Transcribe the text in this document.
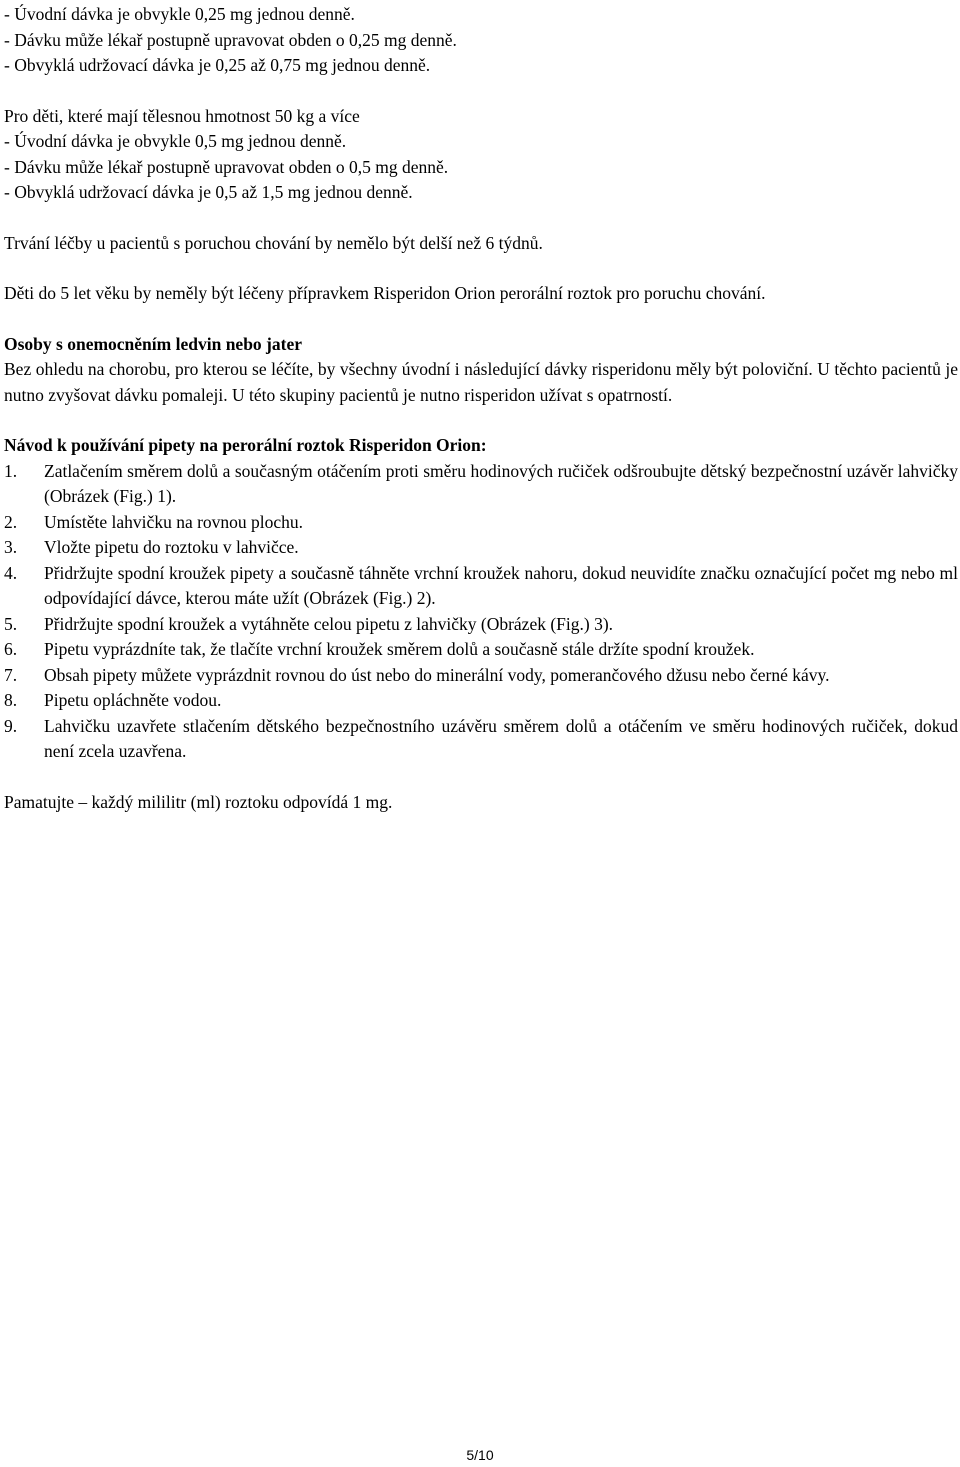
- Úvodní dávka je obvykle 0,25 mg jednou denně.

- Dávku může lékař postupně upravovat obden o 0,25 mg denně.

- Obvyklá udržovací dávka je 0,25 až 0,75 mg jednou denně.

Pro děti, které mají tělesnou hmotnost 50 kg a více

- Úvodní dávka je obvykle 0,5 mg jednou denně.

- Dávku může lékař postupně upravovat obden o 0,5 mg denně.

- Obvyklá udržovací dávka je 0,5 až 1,5 mg jednou denně.

Trvání léčby u pacientů s poruchou chování by nemělo být delší než 6 týdnů.

Děti do 5 let věku by neměly být léčeny přípravkem Risperidon Orion perorální roztok pro poruchu chování.

Osoby s onemocněním ledvin nebo jater

Bez ohledu na chorobu, pro kterou se léčíte, by všechny úvodní i následující dávky risperidonu měly být poloviční. U těchto pacientů je nutno zvyšovat dávku pomaleji. U této skupiny pacientů je nutno risperidon užívat s opatrností.

Návod k používání pipety na perorální roztok Risperidon Orion:

1.	Zatlačením směrem dolů a současným otáčením proti směru hodinových ručiček odšroubujte dětský bezpečnostní uzávěr lahvičky (Obrázek (Fig.) 1).
2.	Umístěte lahvičku na rovnou plochu.
3.	Vložte pipetu do roztoku v lahvičce.
4.	Přidržujte spodní kroužek pipety a současně táhněte vrchní kroužek nahoru, dokud neuvidíte značku označující počet mg nebo ml odpovídající dávce, kterou máte užít (Obrázek (Fig.) 2).
5.	Přidržujte spodní kroužek a vytáhněte celou pipetu z lahvičky (Obrázek (Fig.) 3).
6.	Pipetu vyprázdníte tak, že tlačíte vrchní kroužek směrem dolů a současně stále držíte spodní kroužek.
7.	Obsah pipety můžete vyprázdnit rovnou do úst nebo do minerální vody, pomerančového džusu nebo černé kávy.
8.	Pipetu opláchněte vodou.
9.	Lahvičku uzavřete stlačením dětského bezpečnostního uzávěru směrem dolů a otáčením ve směru hodinových ručiček, dokud není zcela uzavřena.

Pamatujte – každý mililitr (ml) roztoku odpovídá 1 mg.

5/10
